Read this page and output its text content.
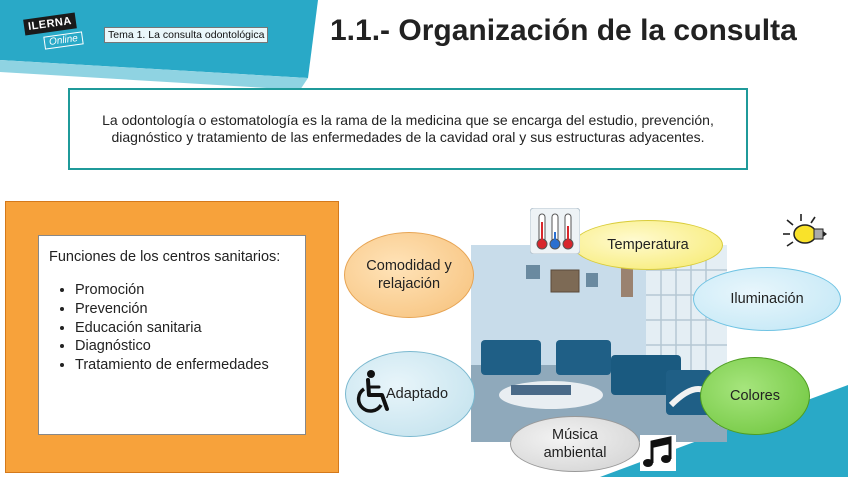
ILERNA
Online	Tema 1. La consulta odontológica 1.1.- Organización de la consulta
La odontología o estomatología es la rama de la medicina que se encarga del estudio, prevención, diagnóstico y tratamiento de las enfermedades de la cavidad oral y sus estructuras adyacentes.
Funciones de los centros sanitarios:
• Promoción
• Prevención
• Educación sanitaria
• Diagnóstico
• Tratamiento de enfermedades
Comodidad y relajación
Temperatura
Iluminación
Adaptado	Colores
Música ambiental
